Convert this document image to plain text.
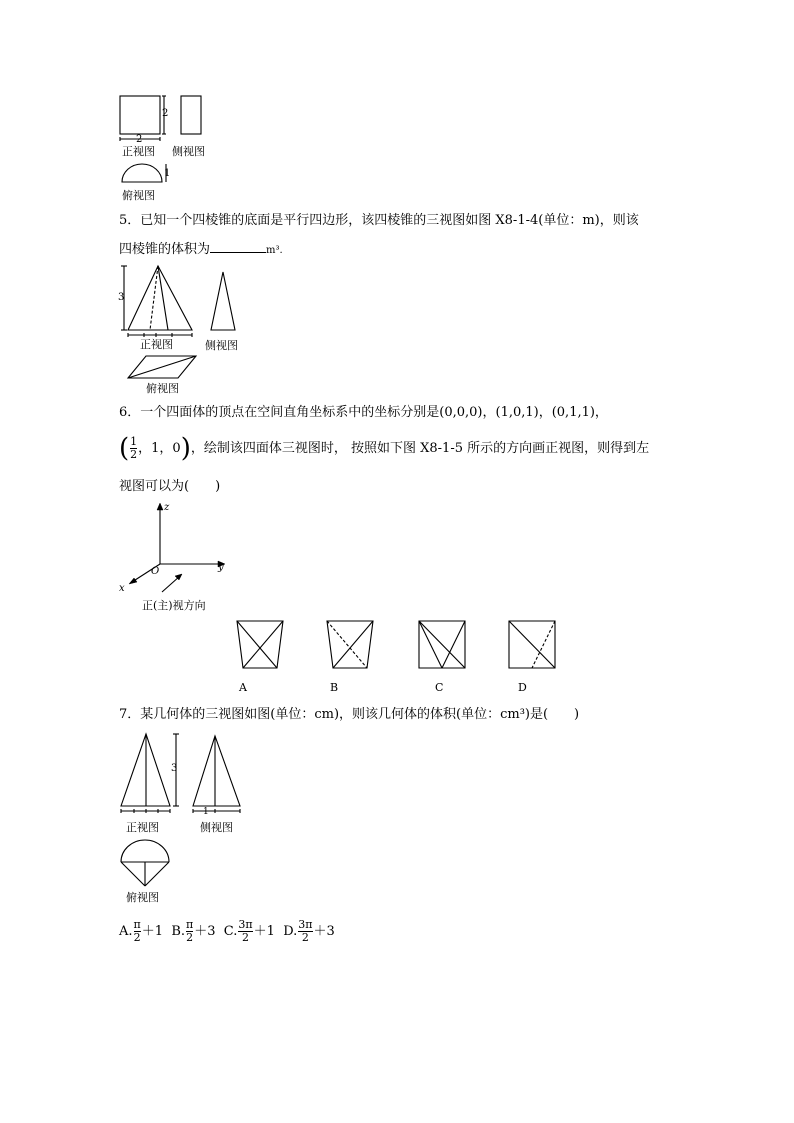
2
2
正视图 侧视图
1
俯视图
5．已知一个四棱锥的底面是平行四边形，该四棱锥的三视图如图 X8-1-4(单位：m)，则该
四棱锥的体积为	m³.
3
正视图	侧视图
俯视图
6．一个四面体的顶点在空间直角坐标系中的坐标分别是(0,0,0)，(1,0,1)，(0,1,1)，
( $\frac{1}{2}$ ，1，0)，绘制该四面体三视图时， 按照如下图 X8-1-5 所示的方向画正视图，则得到左
视图可以为(　　)
z
y
x
O
正(主)视方向
A	B	C	D
7．某几何体的三视图如图(单位：cm)，则该几何体的体积(单位：cm³)是(　　)
3
正视图
1
侧视图
俯视图
A. $\frac{\pi}{2} +1$ B. $\frac{\pi}{2} +3$ C. $\frac{3\pi}{2} +1$ D. $\frac{3\pi}{2} +3$
